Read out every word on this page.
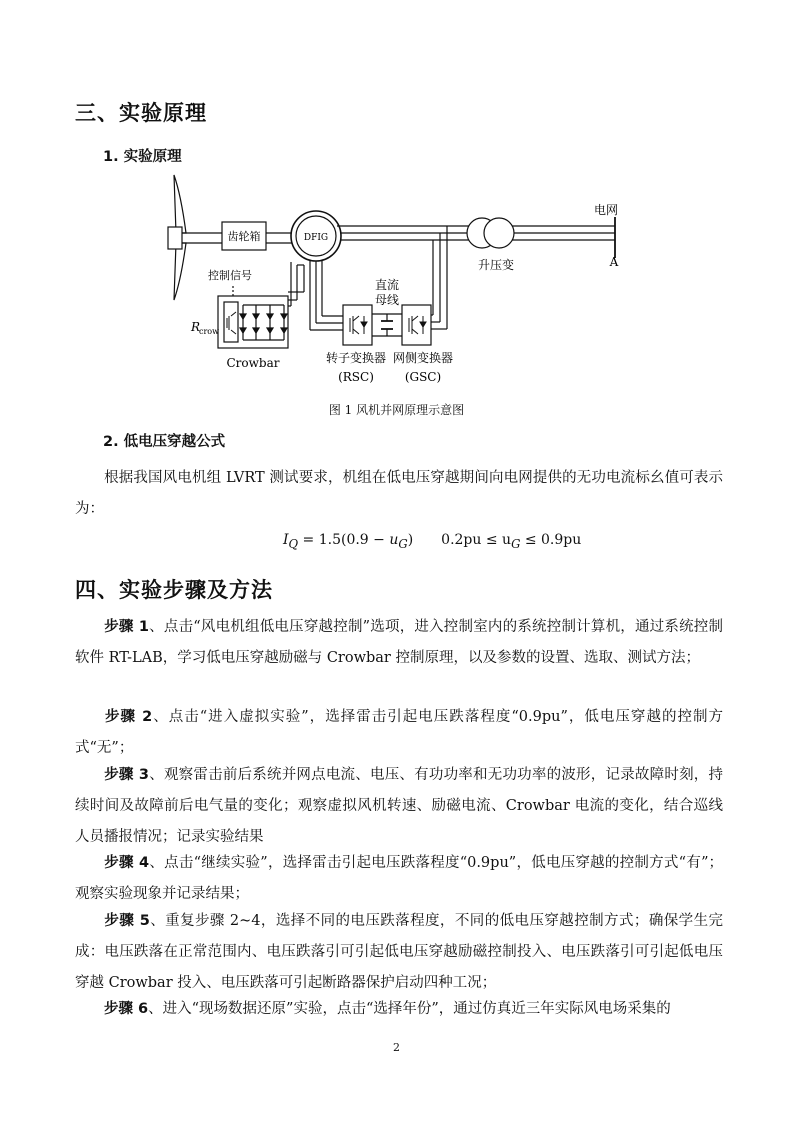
三、实验原理
1. 实验原理
齿轮箱	DFIG
控制信号
R
crow
Crowbar
直流
母线
转子变换器
(RSC)
网侧变换器
(GSC)
升压变
电网
A
图 1 风机并网原理示意图
2. 低电压穿越公式

根据我国风电机组 LVRT 测试要求，机组在低电压穿越期间向电网提供的无功电流标幺值可表示为：

$I_Q = 1.5(0.9 - u_G) 0.2pu \le u_G \le 0.9pu$
四、实验步骤及方法

步骤 1、点击“风电机组低电压穿越控制”选项，进入控制室内的系统控制计算机，通过系统控制软件 RT-LAB，学习低电压穿越励磁与 Crowbar 控制原理，以及参数的设置、选取、测试方法；

步骤 2、点击“进入虚拟实验”，选择雷击引起电压跌落程度“0.9pu”，低电压穿越的控制方式“无”；

步骤 3、观察雷击前后系统并网点电流、电压、有功功率和无功功率的波形，记录故障时刻，持续时间及故障前后电气量的变化；观察虚拟风机转速、励磁电流、Crowbar 电流的变化，结合巡线人员播报情况；记录实验结果

步骤 4、点击“继续实验”，选择雷击引起电压跌落程度“0.9pu”，低电压穿越的控制方式“有”；观察实验现象并记录结果；

步骤 5、重复步骤 2~4，选择不同的电压跌落程度，不同的低电压穿越控制方式；确保学生完成：电压跌落在正常范围内、电压跌落引可引起低电压穿越励磁控制投入、电压跌落引可引起低电压穿越 Crowbar 投入、电压跌落可引起断路器保护启动四种工况；

步骤 6、进入“现场数据还原”实验，点击“选择年份”，通过仿真近三年实际风电场采集的

2
